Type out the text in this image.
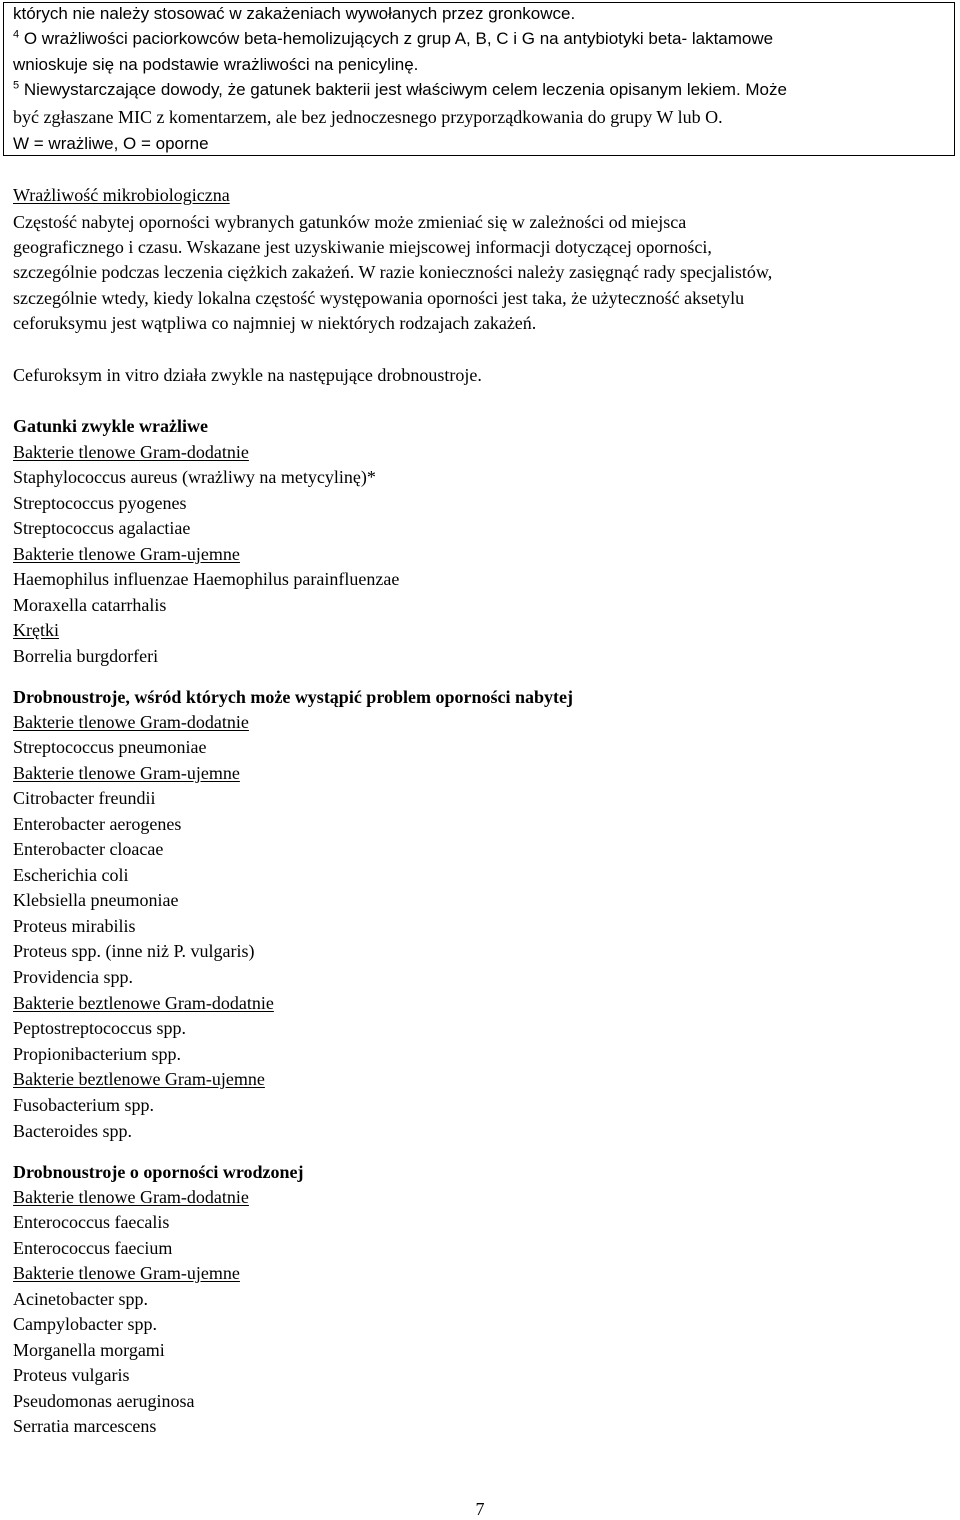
których nie należy stosować w zakażeniach wywołanych przez gronkowce.
$^4$ O wrażliwości paciorkowców beta-hemolizujących z grup A, B, C i G na antybiotyki beta- laktamowe
wnioskuje się na podstawie wrażliwości na penicylinę.
$^5$ Niewystarczające dowody, że gatunek bakterii jest właściwym celem leczenia opisanym lekiem. Może
być zgłaszane MIC z komentarzem, ale bez jednoczesnego przyporządkowania do grupy W lub O.
W = wrażliwe, O = oporne
Wrażliwość mikrobiologiczna
Częstość nabytej oporności wybranych gatunków może zmieniać się w zależności od miejsca
geograficznego i czasu. Wskazane jest uzyskiwanie miejscowej informacji dotyczącej oporności,
szczególnie podczas leczenia ciężkich zakażeń. W razie konieczności należy zasięgnąć rady specjalistów,
szczególnie wtedy, kiedy lokalna częstość występowania oporności jest taka, że użyteczność aksetylu
ceforuksymu jest wątpliwa co najmniej w niektórych rodzajach zakażeń.
Cefuroksym in vitro działa zwykle na następujące drobnoustroje.
Gatunki zwykle wrażliwe
Bakterie tlenowe Gram-dodatnie
Staphylococcus aureus (wrażliwy na metycylinę)*
Streptococcus pyogenes
Streptococcus agalactiae
Bakterie tlenowe Gram-ujemne
Haemophilus influenzae Haemophilus parainfluenzae
Moraxella catarrhalis
Krętki
Borrelia burgdorferi
Drobnoustroje, wśród których może wystąpić problem oporności nabytej
Bakterie tlenowe Gram-dodatnie
Streptococcus pneumoniae
Bakterie tlenowe Gram-ujemne
Citrobacter freundii
Enterobacter aerogenes
Enterobacter cloacae
Escherichia coli
Klebsiella pneumoniae
Proteus mirabilis
Proteus spp. (inne niż P. vulgaris)
Providencia spp.
Bakterie beztlenowe Gram-dodatnie
Peptostreptococcus spp.
Propionibacterium spp.
Bakterie beztlenowe Gram-ujemne
Fusobacterium spp.
Bacteroides spp.
Drobnoustroje o oporności wrodzonej
Bakterie tlenowe Gram-dodatnie
Enterococcus faecalis
Enterococcus faecium
Bakterie tlenowe Gram-ujemne
Acinetobacter spp.
Campylobacter spp.
Morganella morgami
Proteus vulgaris
Pseudomonas aeruginosa
Serratia marcescens
7
